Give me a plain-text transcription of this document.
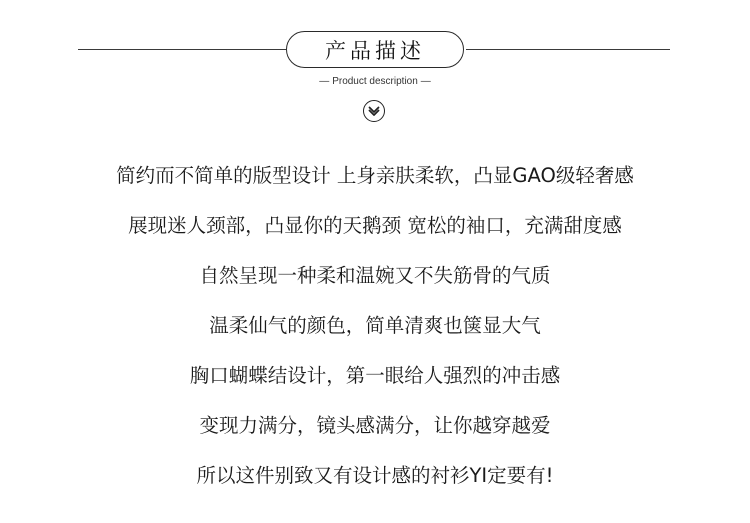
产品描述
— Product description —
简约而不简单的版型设计 上身亲肤柔软，凸显GAO级轻奢感
展现迷人颈部，凸显你的天鹅颈 宽松的袖口，充满甜度感
自然呈现一种柔和温婉又不失筋骨的气质
温柔仙气的颜色，简单清爽也箧显大气
胸口蝴蝶结设计，第一眼给人强烈的冲击感
变现力满分，镜头感满分，让你越穿越爱
所以这件别致又有设计感的衬衫YI定要有!
